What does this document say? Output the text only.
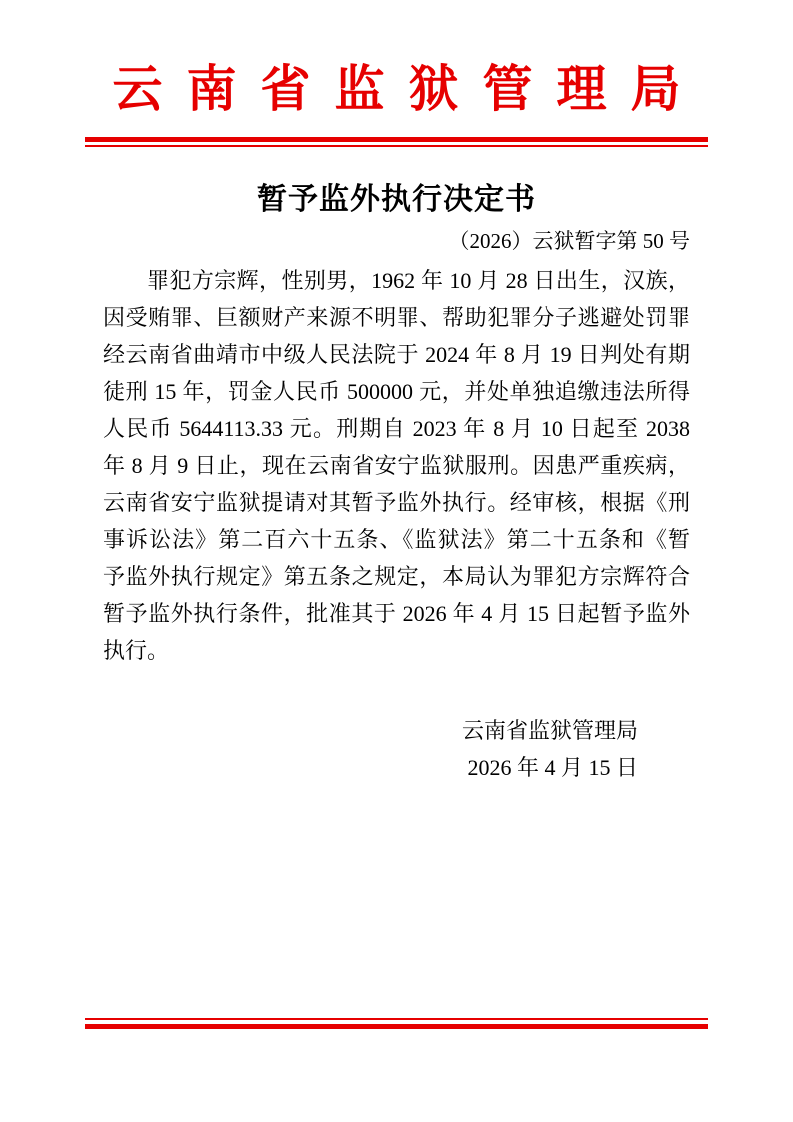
云南省监狱管理局
暂予监外执行决定书
（2026）云狱暂字第 50 号
罪犯方宗辉，性别男，1962 年 10 月 28 日出生，汉族，
因受贿罪、巨额财产来源不明罪、帮助犯罪分子逃避处罚罪
经云南省曲靖市中级人民法院于 2024 年 8 月 19 日判处有期
徒刑 15 年，罚金人民币 500000 元，并处单独追缴违法所得
人民币 5644113.33 元。刑期自 2023 年 8 月 10 日起至 2038
年 8 月 9 日止，现在云南省安宁监狱服刑。因患严重疾病，
云南省安宁监狱提请对其暂予监外执行。经审核，根据《刑
事诉讼法》第二百六十五条、《监狱法》第二十五条和《暂
予监外执行规定》第五条之规定，本局认为罪犯方宗辉符合
暂予监外执行条件，批准其于 2026 年 4 月 15 日起暂予监外
执行。
云南省监狱管理局
2026 年 4 月 15 日
